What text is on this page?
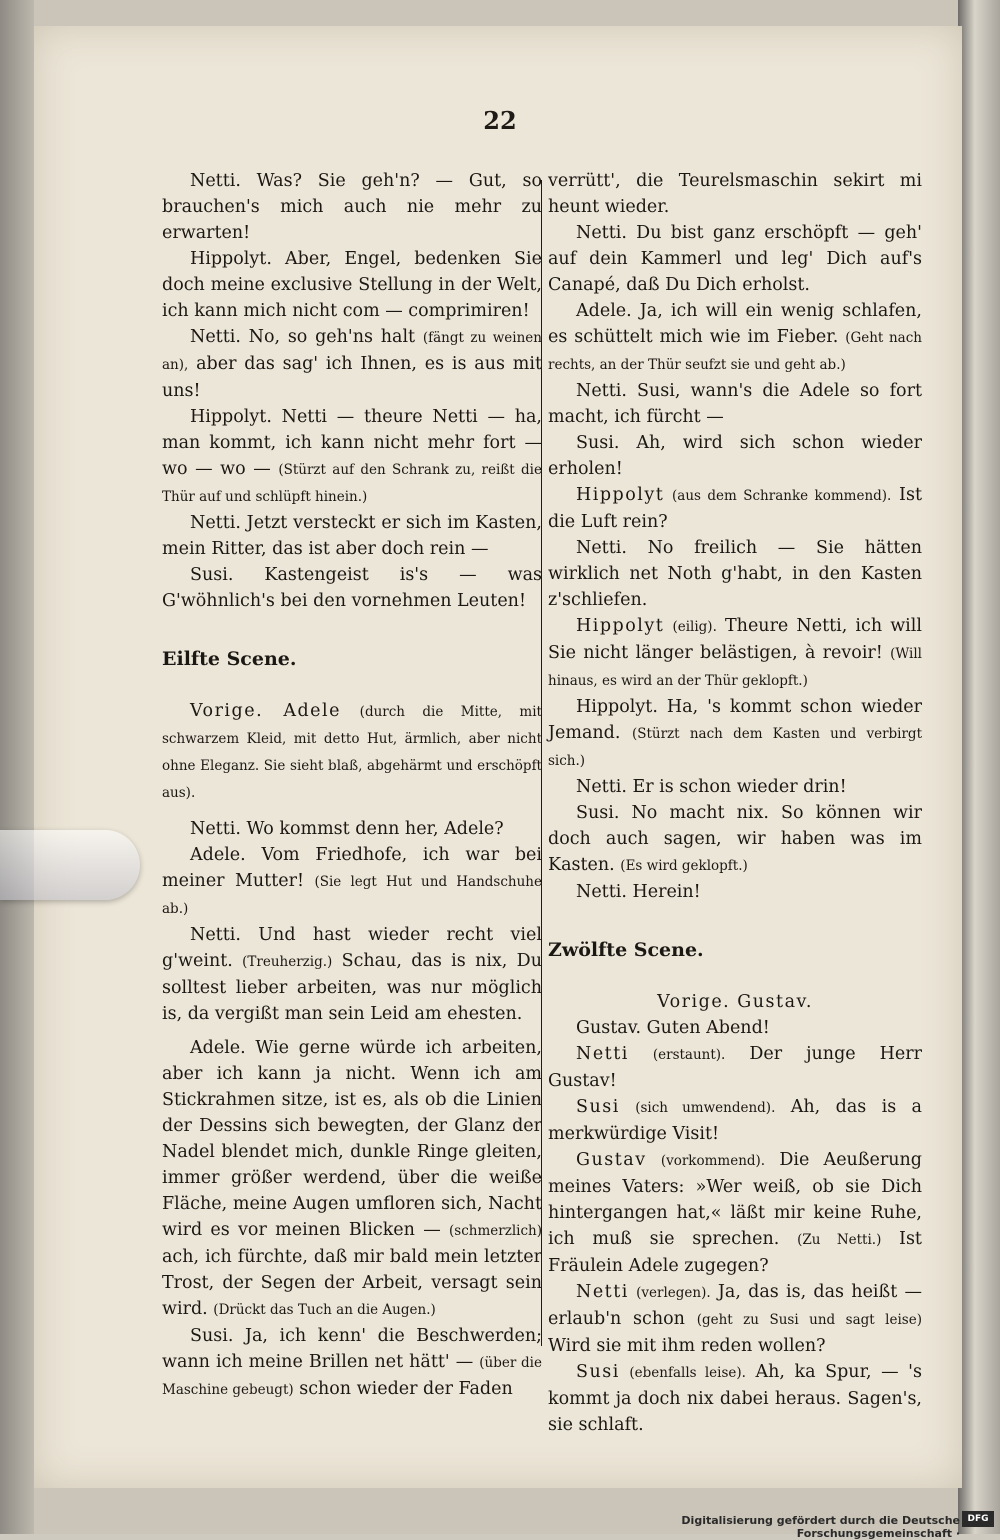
22

Netti. Was? Sie geh'n? — Gut, so brauchen's mich auch nie mehr zu erwarten!

Hippolyt. Aber, Engel, bedenken Sie doch meine exclusive Stellung in der Welt, ich kann mich nicht com — comprimiren!

Netti. No, so geh'ns halt (fängt zu weinen an), aber das sag' ich Ihnen, es is aus mit uns!

Hippolyt. Netti — theure Netti — ha, man kommt, ich kann nicht mehr fort — wo — wo — (Stürzt auf den Schrank zu, reißt die Thür auf und schlüpft hinein.)

Netti. Jetzt versteckt er sich im Kasten, mein Ritter, das ist aber doch rein —

Susi. Kastengeist is's — was G'wöhnlich's bei den vornehmen Leuten!

Eilfte Scene.

Vorige. Adele (durch die Mitte, mit schwarzem Kleid, mit detto Hut, ärmlich, aber nicht ohne Eleganz. Sie sieht blaß, abgehärmt und erschöpft aus).

Netti. Wo kommst denn her, Adele?

Adele. Vom Friedhofe, ich war bei meiner Mutter! (Sie legt Hut und Handschuhe ab.)

Netti. Und hast wieder recht viel g'weint. (Treuherzig.) Schau, das is nix, Du solltest lieber arbeiten, was nur möglich is, da vergißt man sein Leid am ehesten.

Adele. Wie gerne würde ich arbeiten, aber ich kann ja nicht. Wenn ich am Stickrahmen sitze, ist es, als ob die Linien der Dessins sich bewegten, der Glanz der Nadel blendet mich, dunkle Ringe gleiten, immer größer werdend, über die weiße Fläche, meine Augen umfloren sich, Nacht wird es vor meinen Blicken — (schmerzlich) ach, ich fürchte, daß mir bald mein letzter Trost, der Segen der Arbeit, versagt sein wird. (Drückt das Tuch an die Augen.)

Susi. Ja, ich kenn' die Beschwerden; wann ich meine Brillen net hätt' — (über die Maschine gebeugt) schon wieder der Faden

verrütt', die Teurelsmaschin sekirt mi heunt wieder.

Netti. Du bist ganz erschöpft — geh' auf dein Kammerl und leg' Dich auf's Canapé, daß Du Dich erholst.

Adele. Ja, ich will ein wenig schlafen, es schüttelt mich wie im Fieber. (Geht nach rechts, an der Thür seufzt sie und geht ab.)

Netti. Susi, wann's die Adele so fort macht, ich fürcht —

Susi. Ah, wird sich schon wieder erholen!

Hippolyt (aus dem Schranke kommend). Ist die Luft rein?

Netti. No freilich — Sie hätten wirklich net Noth g'habt, in den Kasten z'schliefen.

Hippolyt (eilig). Theure Netti, ich will Sie nicht länger belästigen, à revoir! (Will hinaus, es wird an der Thür geklopft.)

Hippolyt. Ha, 's kommt schon wieder Jemand. (Stürzt nach dem Kasten und verbirgt sich.)

Netti. Er is schon wieder drin!

Susi. No macht nix. So können wir doch auch sagen, wir haben was im Kasten. (Es wird geklopft.)

Netti. Herein!

Zwölfte Scene.

Vorige. Gustav.

Gustav. Guten Abend!

Netti (erstaunt). Der junge Herr Gustav!

Susi (sich umwendend). Ah, das is a merkwürdige Visit!

Gustav (vorkommend). Die Aeußerung meines Vaters: »Wer weiß, ob sie Dich hintergangen hat,« läßt mir keine Ruhe, ich muß sie sprechen. (Zu Netti.) Ist Fräulein Adele zugegen?

Netti (verlegen). Ja, das is, das heißt — erlaub'n schon (geht zu Susi und sagt leise) Wird sie mit ihm reden wollen?

Susi (ebenfalls leise). Ah, ka Spur, — 's kommt ja doch nix dabei heraus. Sagen's, sie schlaft.

Digitalisierung gefördert durch die Deutsche Forschungsgemeinschaft ·
DFG
